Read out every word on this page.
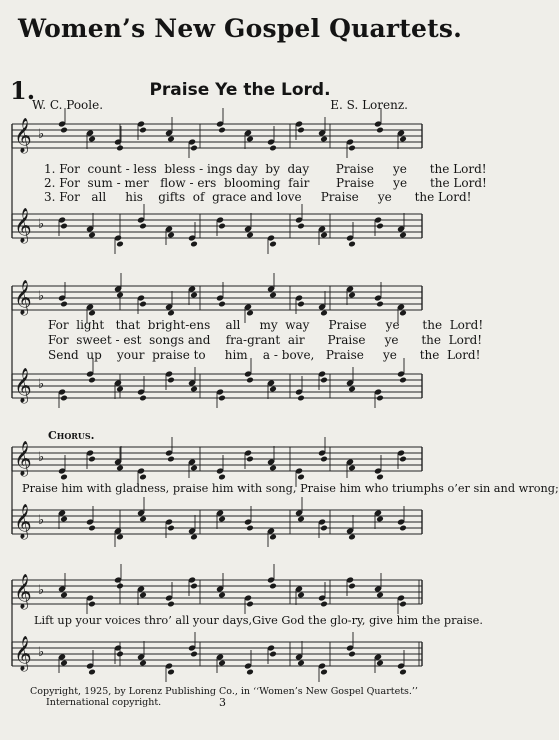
Women’s New Gospel Quartets.
1.	Praise Ye the Lord.
W. C. Poole.	E. S. Lorenz.
𝄞 ♭
𝄞 ♭
𝄞 ♭
𝄞 ♭
𝄞 ♭
𝄞 ♭
𝄞 ♭
𝄞 ♭
1. For  count - less  bless - ings day  by  day       Praise     ye      the Lord!
2. For  sum - mer   flow - ers  blooming  fair       Praise     ye      the Lord!
3. For   all     his    gifts  of  grace and love     Praise     ye      the Lord!
For  light   that  bright-ens    all     my  way     Praise     ye      the  Lord!
For  sweet - est  songs and    fra-grant  air      Praise     ye      the  Lord!
Send  up    your  praise to     him    a - bove,   Praise     ye      the  Lord!
Chorus.
Praise him with gladness, praise him with song, Praise him who triumphs o’er sin and wrong;
Lift up your voices thro’ all your days,Give God the glo-ry, give him the praise.
Copyright, 1925, by Lorenz Publishing Co., in ‘‘Women’s New Gospel Quartets.’’
International copyright.	3
